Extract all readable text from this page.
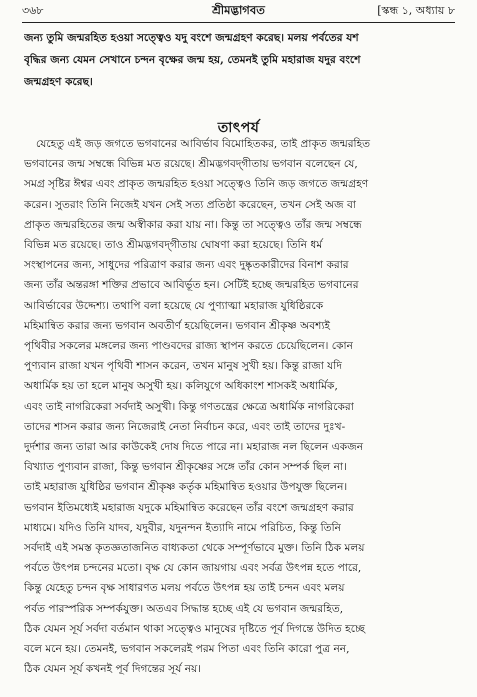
৩৬৮	শ্রীমদ্ভাগবত	[স্কন্ধ ১, অধ্যায় ৮
জন্য তুমি জন্মরহিত হওয়া সত্ত্বেও যদু বংশে জন্মগ্রহণ করেছ। মলয় পর্বতের যশ
বৃদ্ধির জন্য যেমন সেখানে চন্দন বৃক্ষের জন্ম হয়, তেমনই তুমি মহারাজ যদুর বংশে
জন্মগ্রহণ করেছ।
তাৎপর্য
যেহেতু এই জড় জগতে ভগবানের আবির্ভাব বিমোহিতকর, তাই প্রাকৃত জন্মরহিত
ভগবানের জন্ম সম্বন্ধে বিভিন্ন মত রয়েছে। শ্রীমদ্ভগবদ্‌গীতায় ভগবান বলেছেন যে,
সমগ্র সৃষ্টির ঈশ্বর এবং প্রাকৃত জন্মরহিত হওয়া সত্ত্বেও তিনি জড় জগতে জন্মগ্রহণ
করেন। সুতরাং তিনি নিজেই যখন সেই সত্য প্রতিষ্ঠা করেছেন, তখন সেই অজ বা
প্রাকৃত জন্মরহিতের জন্ম অস্বীকার করা যায় না। কিন্তু তা সত্ত্বেও তাঁর জন্ম সম্বন্ধে
বিভিন্ন মত রয়েছে। তাও শ্রীমদ্ভগবদ্‌গীতায় ঘোষণা করা হয়েছে। তিনি ধর্ম
সংস্থাপনের জন্য, সাধুদের পরিত্রাণ করার জন্য এবং দুষ্কৃতকারীদের বিনাশ করার
জন্য তাঁর অন্তরঙ্গা শক্তির প্রভাবে আবির্ভূত হন। সেটিই হচ্ছে জন্মরহিত ভগবানের
আবির্ভাবের উদ্দেশ্য। তথাপি বলা হয়েছে যে পুণ্যাত্মা মহারাজ যুধিষ্ঠিরকে
মহিমান্বিত করার জন্য ভগবান অবতীর্ণ হয়েছিলেন। ভগবান শ্রীকৃষ্ণ অবশ্যই
পৃথিবীর সকলের মঙ্গলের জন্য পাণ্ডবদের রাজ্য স্থাপন করতে চেয়েছিলেন। কোন
পুণ্যবান রাজা যখন পৃথিবী শাসন করেন, তখন মানুষ সুখী হয়। কিন্তু রাজা যদি
অধার্মিক হয় তা হলে মানুষ অসুখী হয়। কলিযুগে অধিকাংশ শাসকই অধার্মিক,
এবং তাই নাগরিকেরা সর্বদাই অসুখী। কিন্তু গণতন্ত্রের ক্ষেত্রে অধার্মিক নাগরিকেরা
তাদের শাসন করার জন্য নিজেরাই নেতা নির্বাচন করে, এবং তাই তাদের দুঃখ-
দুর্দশার জন্য তারা আর কাউকেই দোষ দিতে পারে না। মহারাজ নল ছিলেন একজন
বিখ্যাত পুণ্যবান রাজা, কিন্তু ভগবান শ্রীকৃষ্ণের সঙ্গে তাঁর কোন সম্পর্ক ছিল না।
তাই মহারাজ যুধিষ্ঠির ভগবান শ্রীকৃষ্ণ কর্তৃক মহিমান্বিত হওয়ার উপযুক্ত ছিলেন।
ভগবান ইতিমধ্যেই মহারাজ যদুকে মহিমান্বিত করেছেন তাঁর বংশে জন্মগ্রহণ করার
মাধ্যমে। যদিও তিনি যাদব, যদুবীর, যদুনন্দন ইত্যাদি নামে পরিচিত, কিন্তু তিনি
সর্বদাই এই সমস্ত কৃতজ্ঞতাজনিত বাধ্যকতা থেকে সম্পূর্ণভাবে মুক্ত। তিনি ঠিক মলয়
পর্বতে উৎপন্ন চন্দনের মতো। বৃক্ষ যে কোন জায়গায় এবং সর্বত্র উৎপন্ন হতে পারে,
কিন্তু যেহেতু চন্দন বৃক্ষ সাধারণত মলয় পর্বতে উৎপন্ন হয় তাই চন্দন এবং মলয়
পর্বত পারস্পরিক সম্পর্কযুক্ত। অতএব সিদ্ধান্ত হচ্ছে এই যে ভগবান জন্মরহিত,
ঠিক যেমন সূর্য সর্বদা বর্তমান থাকা সত্ত্বেও মানুষের দৃষ্টিতে পূর্ব দিগন্তে উদিত হচ্ছে
বলে মনে হয়। তেমনই, ভগবান সকলেরই পরম পিতা এবং তিনি কারো পুত্র নন,
ঠিক যেমন সূর্য কখনই পূর্ব দিগন্তের সূর্য নয়।
